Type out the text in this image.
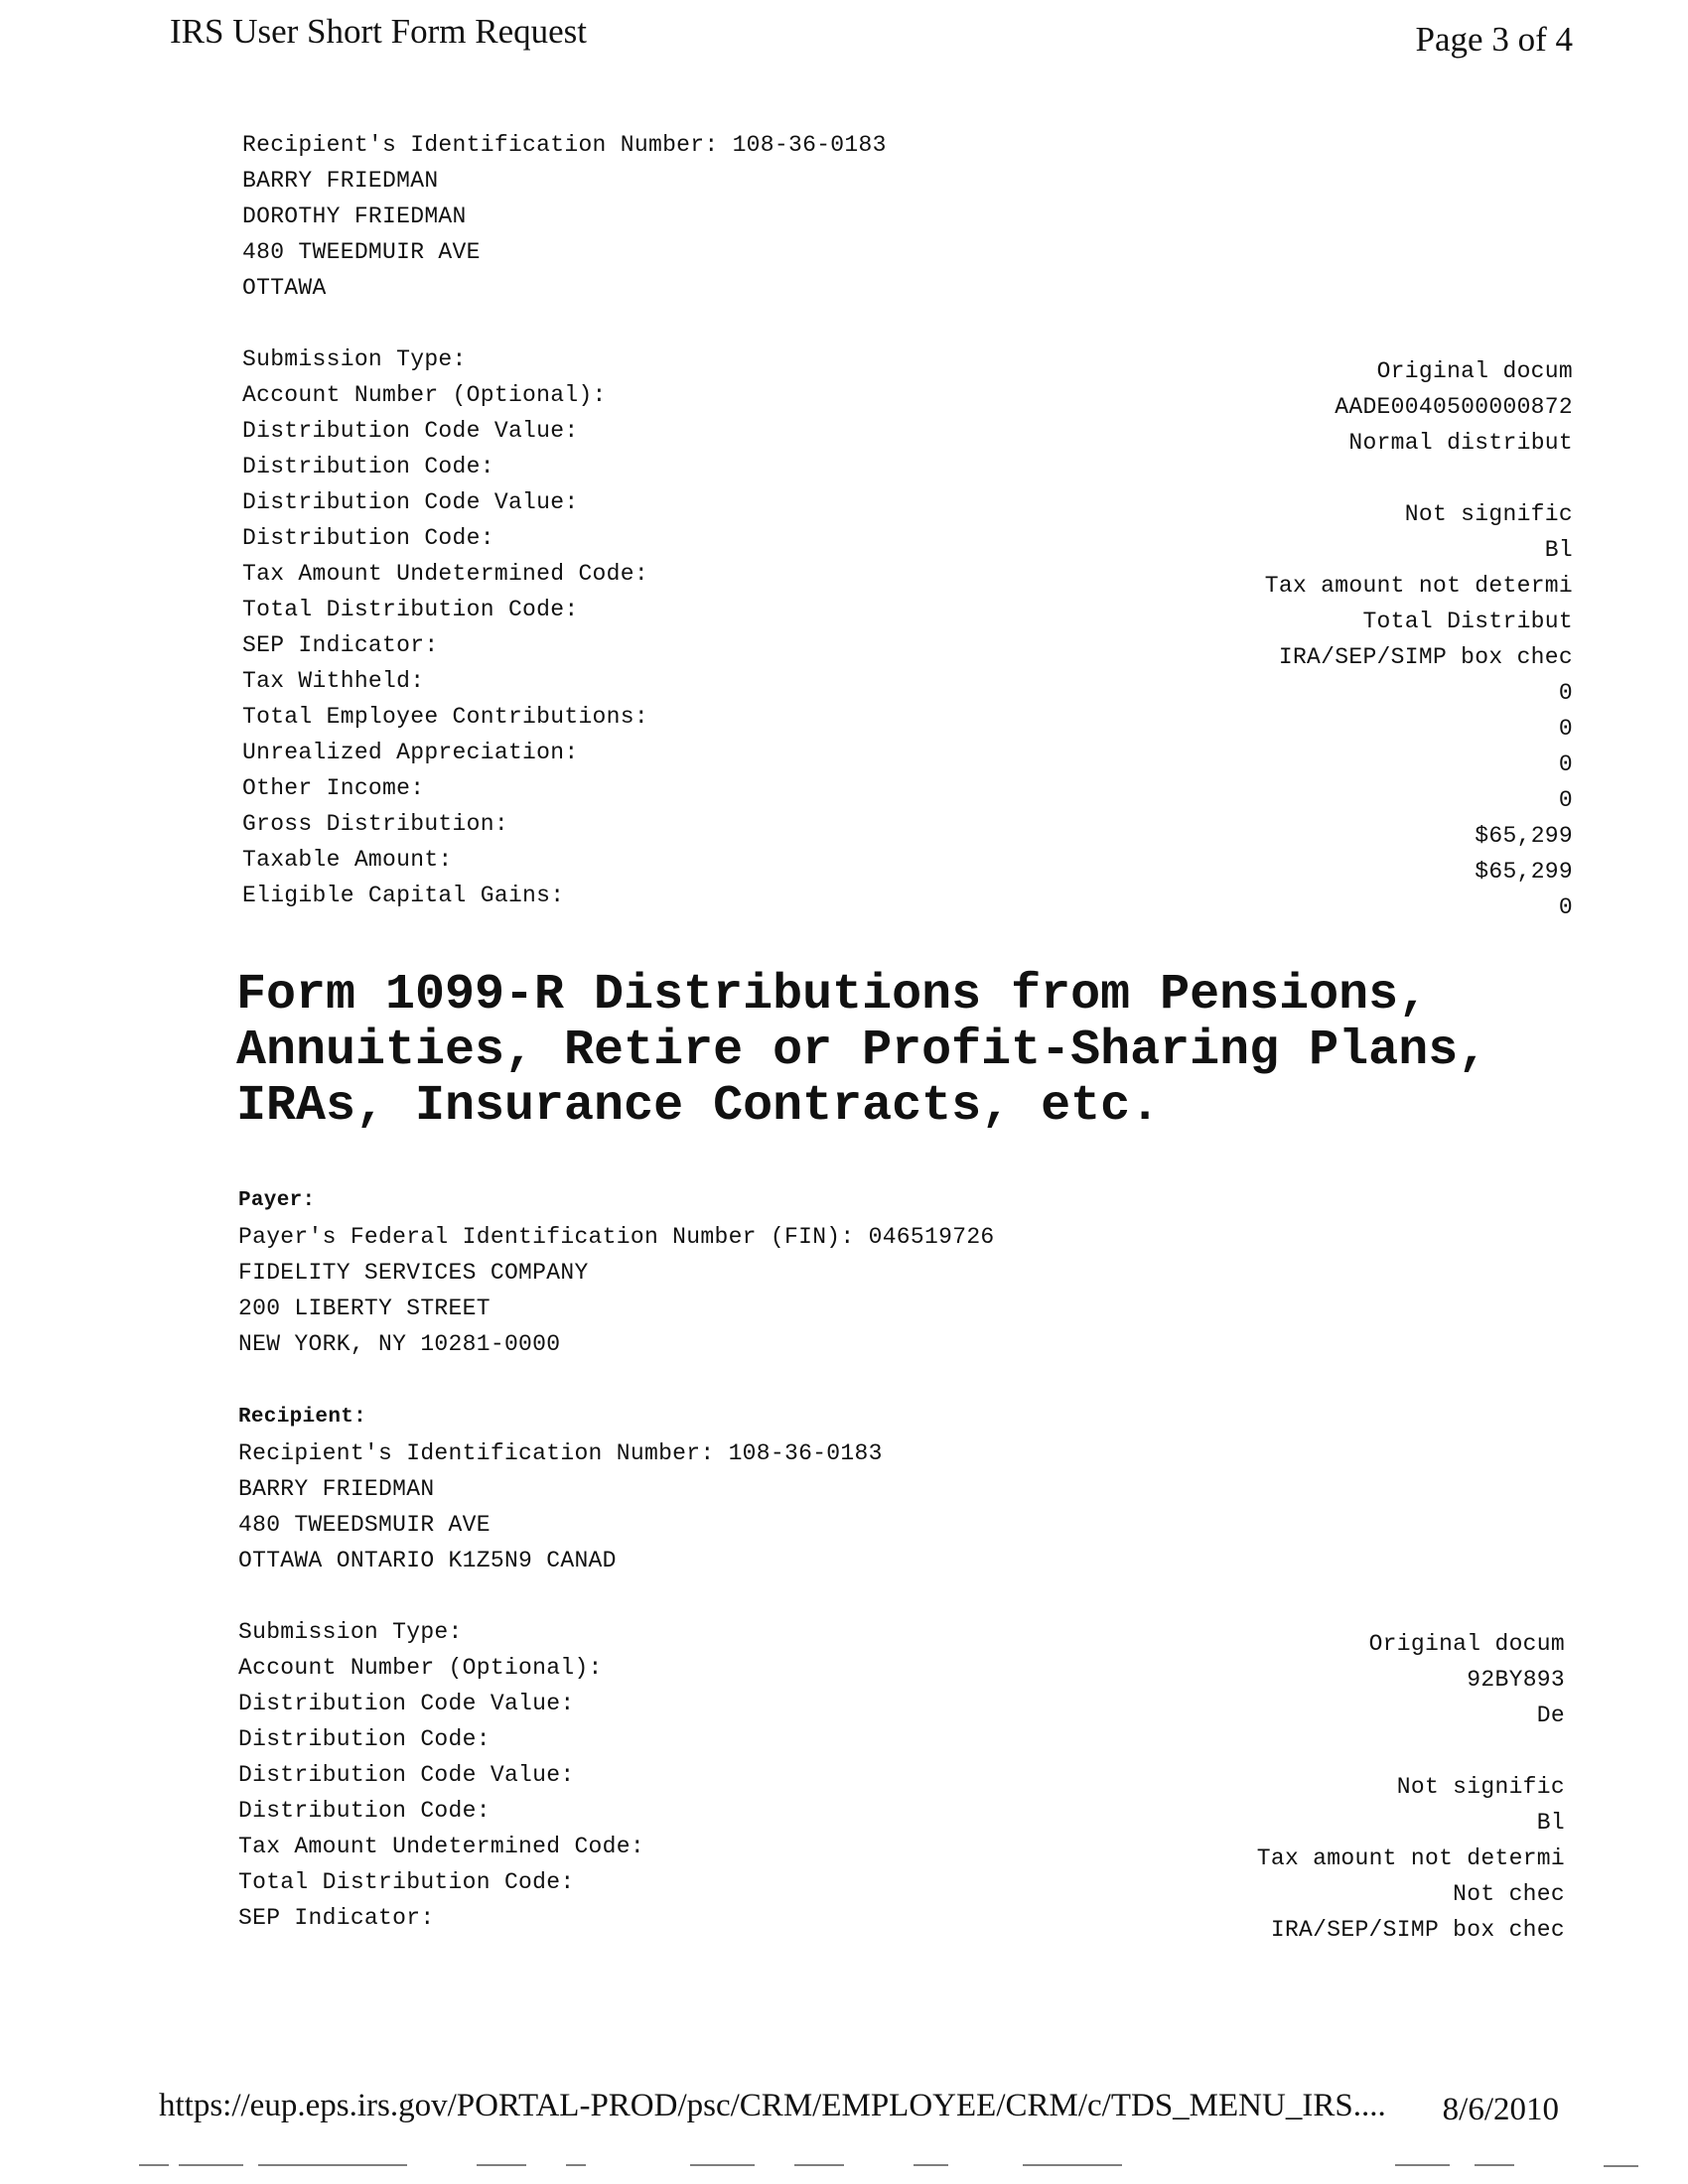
IRS User Short Form Request	Page 3 of 4
Recipient's Identification Number: 108-36-0183
BARRY FRIEDMAN
DOROTHY FRIEDMAN
480 TWEEDMUIR AVE
OTTAWA
Submission Type:
Account Number (Optional):
Distribution Code Value:
Distribution Code:
Distribution Code Value:
Distribution Code:
Tax Amount Undetermined Code:
Total Distribution Code:
SEP Indicator:
Tax Withheld:
Total Employee Contributions:
Unrealized Appreciation:
Other Income:
Gross Distribution:
Taxable Amount:
Eligible Capital Gains:
Original docum
AADE0040500000872
Normal distribut
Not signific
Bl
Tax amount not determi
Total Distribut
IRA/SEP/SIMP box chec
0
0
0
0
$65,299
$65,299
0
Form 1099-R Distributions from Pensions, Annuities, Retire or Profit-Sharing Plans, IRAs, Insurance Contracts, etc.
Payer:
Payer's Federal Identification Number (FIN): 046519726
FIDELITY SERVICES COMPANY
200 LIBERTY STREET
NEW YORK, NY 10281-0000
Recipient:
Recipient's Identification Number: 108-36-0183
BARRY FRIEDMAN
480 TWEEDSMUIR AVE
OTTAWA ONTARIO K1Z5N9 CANAD
Submission Type:
Account Number (Optional):
Distribution Code Value:
Distribution Code:
Distribution Code Value:
Distribution Code:
Tax Amount Undetermined Code:
Total Distribution Code:
SEP Indicator:
Original docum
92BY893
De
Not signific
Bl
Tax amount not determi
Not chec
IRA/SEP/SIMP box chec
https://eup.eps.irs.gov/PORTAL-PROD/psc/CRM/EMPLOYEE/CRM/c/TDS_MENU_IRS.... 8/6/2010
